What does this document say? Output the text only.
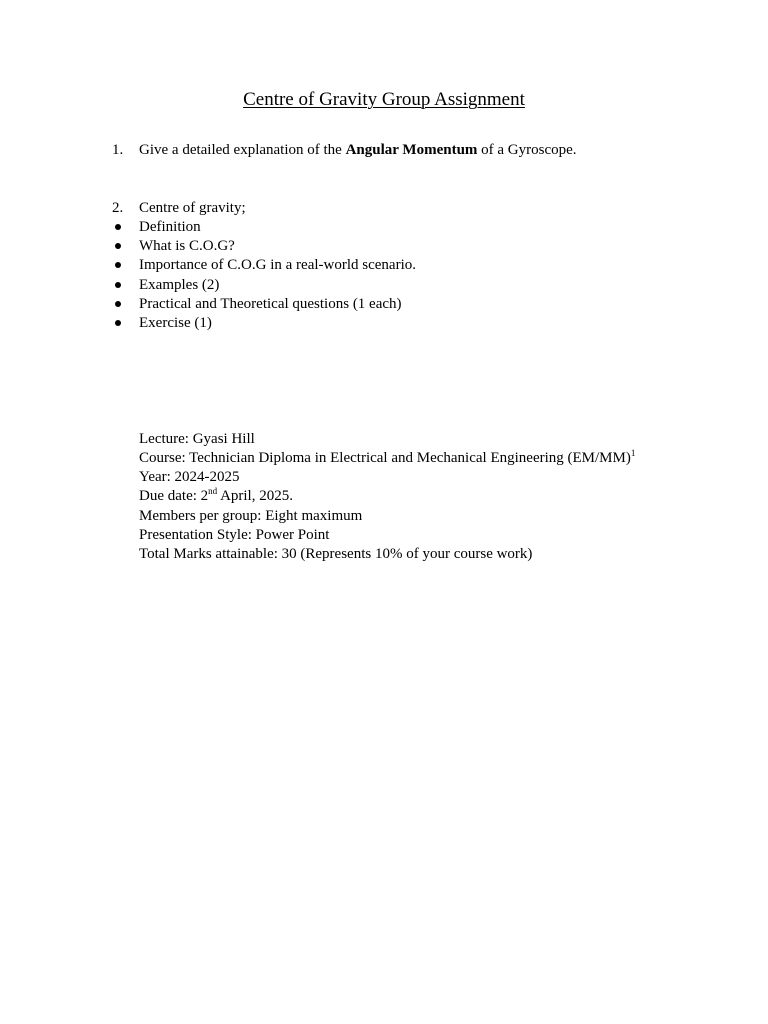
Centre of Gravity Group Assignment
1. Give a detailed explanation of the Angular Momentum of a Gyroscope.
2. Centre of gravity;
Definition
What is C.O.G?
Importance of C.O.G in a real-world scenario.
Examples (2)
Practical and Theoretical questions (1 each)
Exercise (1)
Lecture: Gyasi Hill
Course: Technician Diploma in Electrical and Mechanical Engineering $(EM/MM)^1$
Year: 2024-2025
Due date: 2nd April, 2025.
Members per group: Eight maximum
Presentation Style: Power Point
Total Marks attainable: 30 (Represents 10% of your course work)
